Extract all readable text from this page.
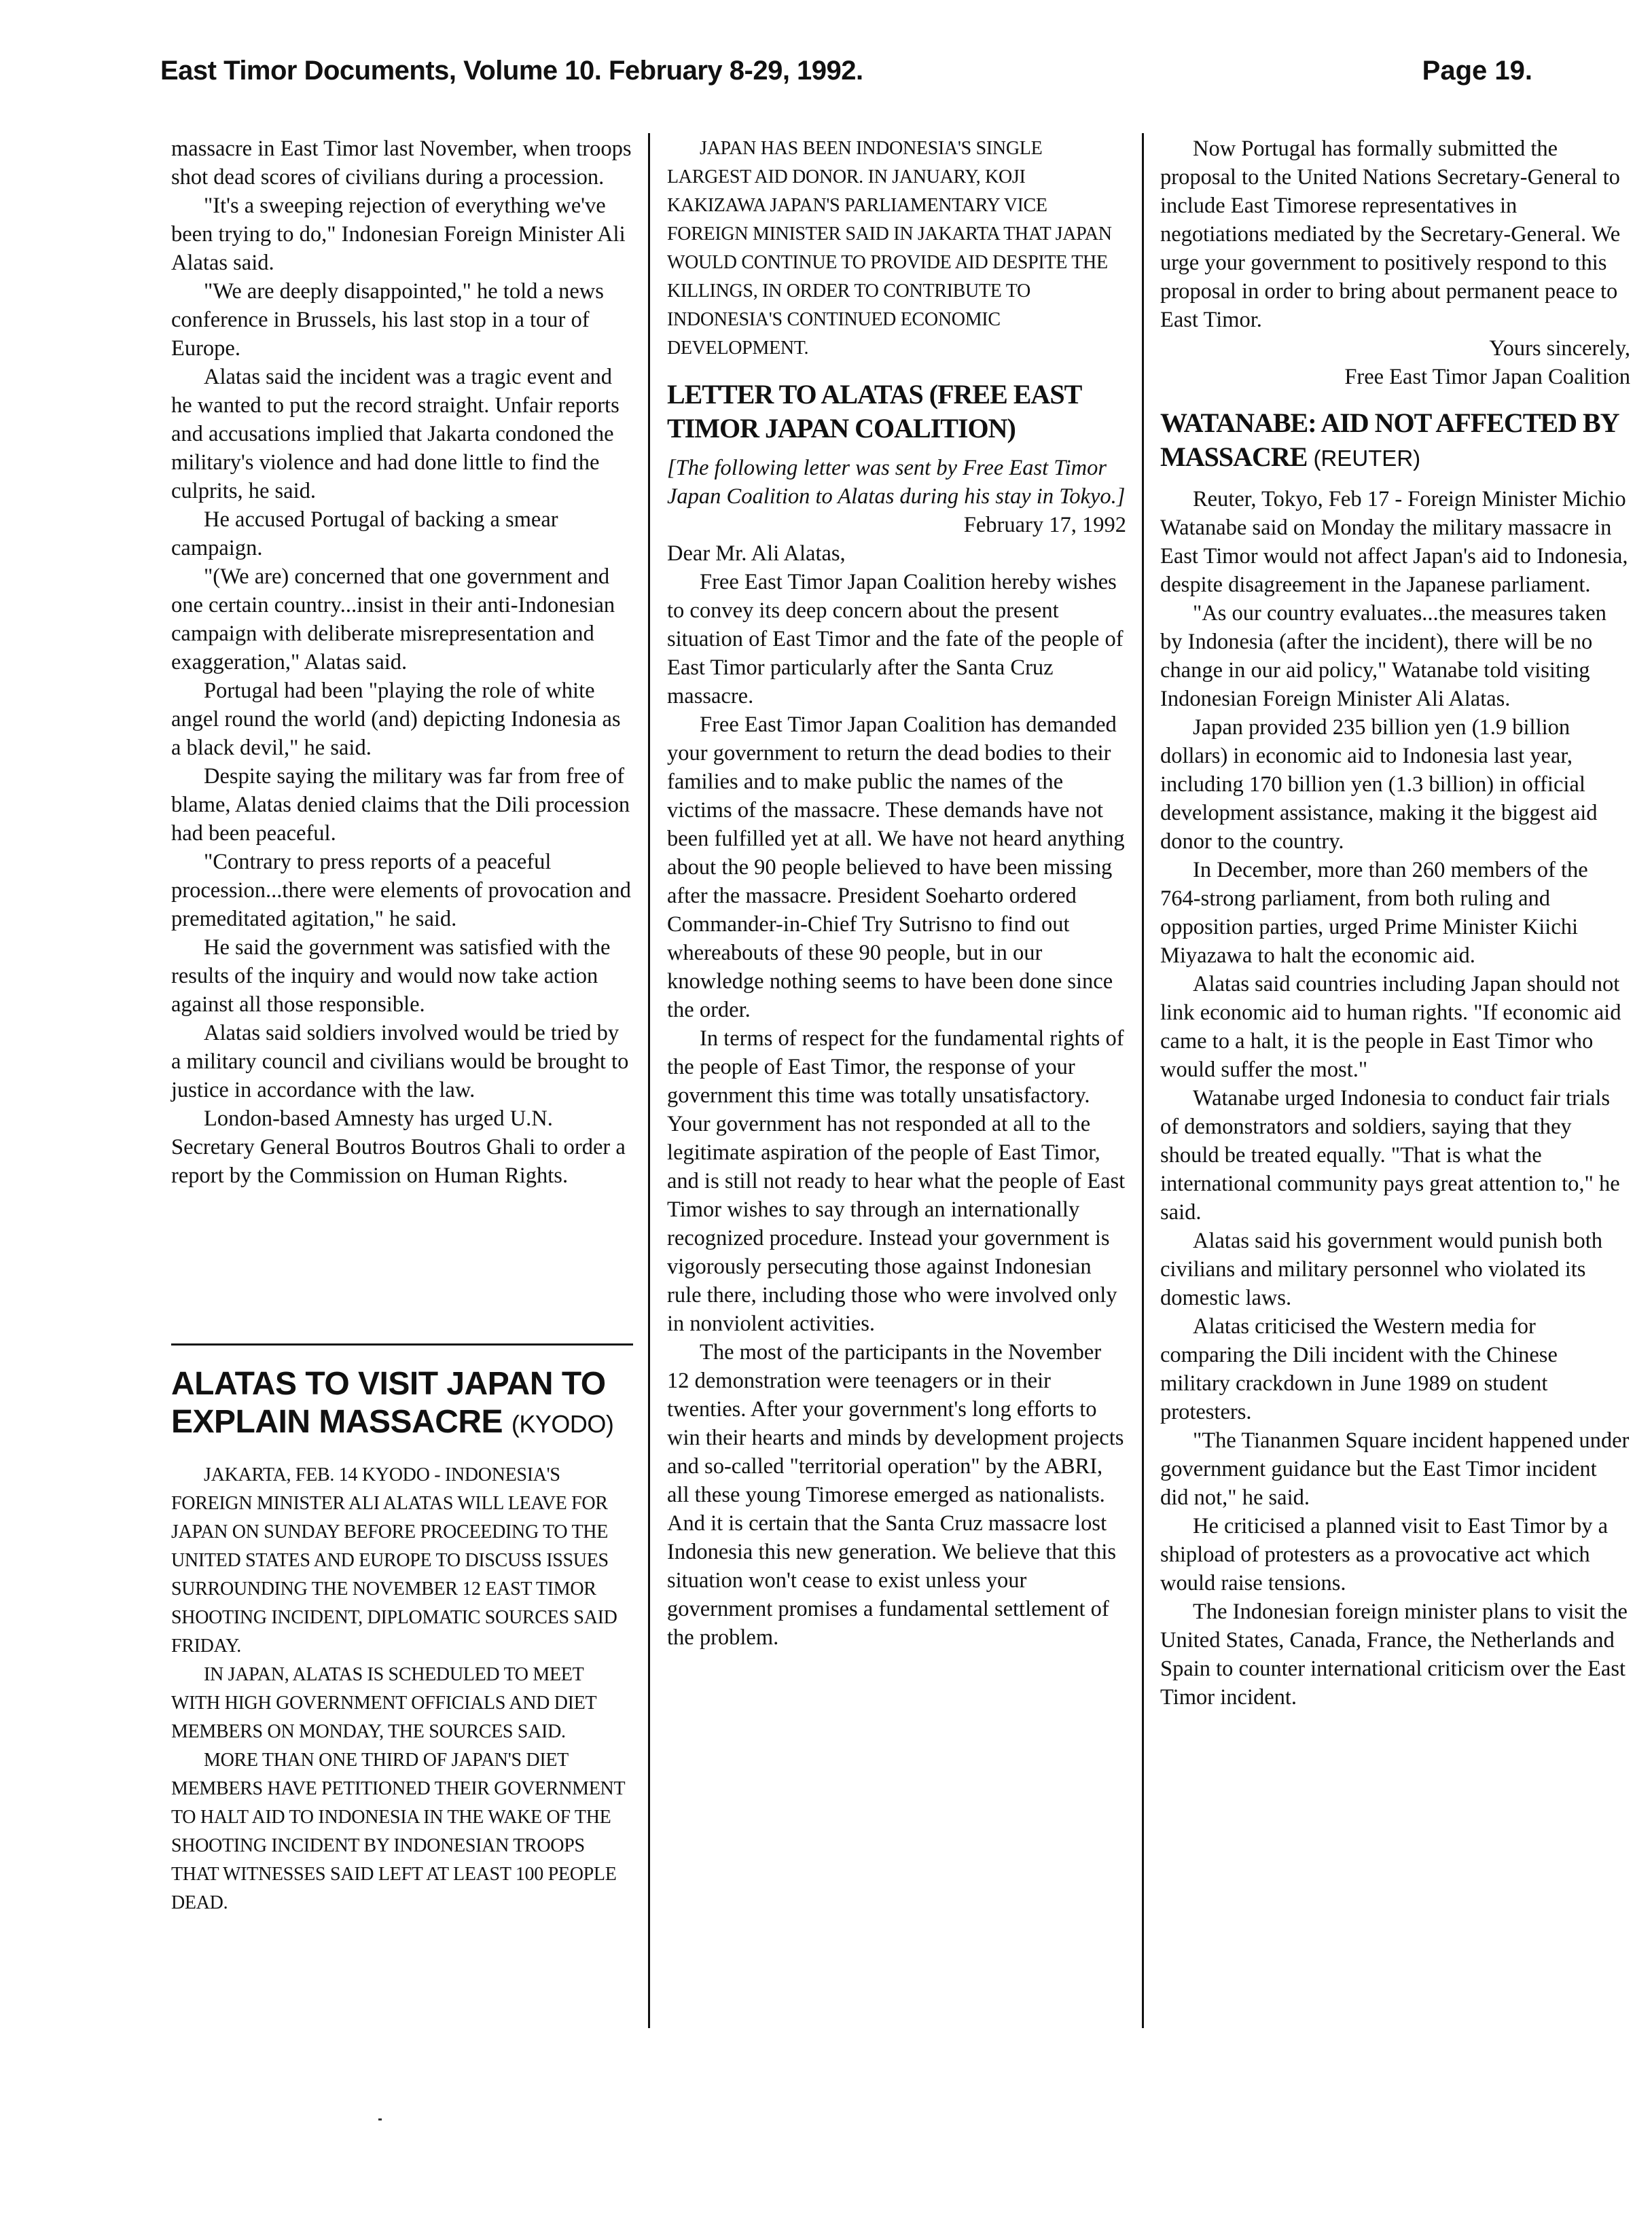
East Timor Documents, Volume 10. February 8-29, 1992.	Page 19.

massacre in East Timor last November, when troops shot dead scores of civilians during a procession.

"It's a sweeping rejection of everything we've been trying to do," Indonesian Foreign Minister Ali Alatas said.

"We are deeply disappointed," he told a news conference in Brussels, his last stop in a tour of Europe.

Alatas said the incident was a tragic event and he wanted to put the record straight. Unfair reports and accusations implied that Jakarta condoned the military's violence and had done little to find the culprits, he said.

He accused Portugal of backing a smear campaign.

"(We are) concerned that one government and one certain country...insist in their anti-Indonesian campaign with deliberate misrepresentation and exaggeration," Alatas said.

Portugal had been "playing the role of white angel round the world (and) depicting Indonesia as a black devil," he said.

Despite saying the military was far from free of blame, Alatas denied claims that the Dili procession had been peaceful.

"Contrary to press reports of a peaceful procession...there were elements of provocation and premeditated agitation," he said.

He said the government was satisfied with the results of the inquiry and would now take action against all those responsible.

Alatas said soldiers involved would be tried by a military council and civilians would be brought to justice in accordance with the law.

London-based Amnesty has urged U.N. Secretary General Boutros Boutros Ghali to order a report by the Commission on Human Rights.

ALATAS TO VISIT JAPAN TO EXPLAIN MASSACRE (KYODO)

JAKARTA, FEB. 14 KYODO - INDONESIA'S FOREIGN MINISTER ALI ALATAS WILL LEAVE FOR JAPAN ON SUNDAY BEFORE PROCEEDING TO THE UNITED STATES AND EUROPE TO DISCUSS ISSUES SURROUNDING THE NOVEMBER 12 EAST TIMOR SHOOTING INCIDENT, DIPLOMATIC SOURCES SAID FRIDAY.

IN JAPAN, ALATAS IS SCHEDULED TO MEET WITH HIGH GOVERNMENT OFFICIALS AND DIET MEMBERS ON MONDAY, THE SOURCES SAID.

MORE THAN ONE THIRD OF JAPAN'S DIET MEMBERS HAVE PETITIONED THEIR GOVERNMENT TO HALT AID TO INDONESIA IN THE WAKE OF THE SHOOTING INCIDENT BY INDONESIAN TROOPS THAT WITNESSES SAID LEFT AT LEAST 100 PEOPLE DEAD.

JAPAN HAS BEEN INDONESIA'S SINGLE LARGEST AID DONOR. IN JANUARY, KOJI KAKIZAWA JAPAN'S PARLIAMENTARY VICE FOREIGN MINISTER SAID IN JAKARTA THAT JAPAN WOULD CONTINUE TO PROVIDE AID DESPITE THE KILLINGS, IN ORDER TO CONTRIBUTE TO INDONESIA'S CONTINUED ECONOMIC DEVELOPMENT.

LETTER TO ALATAS (FREE EAST TIMOR JAPAN COALITION)

[The following letter was sent by Free East Timor Japan Coalition to Alatas during his stay in Tokyo.]

February 17, 1992

Dear Mr. Ali Alatas,

Free East Timor Japan Coalition hereby wishes to convey its deep concern about the present situation of East Timor and the fate of the people of East Timor particularly after the Santa Cruz massacre.

Free East Timor Japan Coalition has demanded your government to return the dead bodies to their families and to make public the names of the victims of the massacre. These demands have not been fulfilled yet at all. We have not heard anything about the 90 people believed to have been missing after the massacre. President Soeharto ordered Commander-in-Chief Try Sutrisno to find out whereabouts of these 90 people, but in our knowledge nothing seems to have been done since the order.

In terms of respect for the fundamental rights of the people of East Timor, the response of your government this time was totally unsatisfactory. Your government has not responded at all to the legitimate aspiration of the people of East Timor, and is still not ready to hear what the people of East Timor wishes to say through an internationally recognized procedure. Instead your government is vigorously persecuting those against Indonesian rule there, including those who were involved only in nonviolent activities.

The most of the participants in the November 12 demonstration were teenagers or in their twenties. After your government's long efforts to win their hearts and minds by development projects and so-called "territorial operation" by the ABRI, all these young Timorese emerged as nationalists. And it is certain that the Santa Cruz massacre lost Indonesia this new generation. We believe that this situation won't cease to exist unless your government promises a fundamental settlement of the problem.

Now Portugal has formally submitted the proposal to the United Nations Secretary-General to include East Timorese representatives in negotiations mediated by the Secretary-General. We urge your government to positively respond to this proposal in order to bring about permanent peace to East Timor.

Yours sincerely,

Free East Timor Japan Coalition

WATANABE: AID NOT AFFECTED BY MASSACRE (REUTER)

Reuter, Tokyo, Feb 17 - Foreign Minister Michio Watanabe said on Monday the military massacre in East Timor would not affect Japan's aid to Indonesia, despite disagreement in the Japanese parliament.

"As our country evaluates...the measures taken by Indonesia (after the incident), there will be no change in our aid policy," Watanabe told visiting Indonesian Foreign Minister Ali Alatas.

Japan provided 235 billion yen (1.9 billion dollars) in economic aid to Indonesia last year, including 170 billion yen (1.3 billion) in official development assistance, making it the biggest aid donor to the country.

In December, more than 260 members of the 764-strong parliament, from both ruling and opposition parties, urged Prime Minister Kiichi Miyazawa to halt the economic aid.

Alatas said countries including Japan should not link economic aid to human rights. "If economic aid came to a halt, it is the people in East Timor who would suffer the most."

Watanabe urged Indonesia to conduct fair trials of demonstrators and soldiers, saying that they should be treated equally. "That is what the international community pays great attention to," he said.

Alatas said his government would punish both civilians and military personnel who violated its domestic laws.

Alatas criticised the Western media for comparing the Dili incident with the Chinese military crackdown in June 1989 on student protesters.

"The Tiananmen Square incident happened under government guidance but the East Timor incident did not," he said.

He criticised a planned visit to East Timor by a shipload of protesters as a provocative act which would raise tensions.

The Indonesian foreign minister plans to visit the United States, Canada, France, the Netherlands and Spain to counter international criticism over the East Timor incident.
